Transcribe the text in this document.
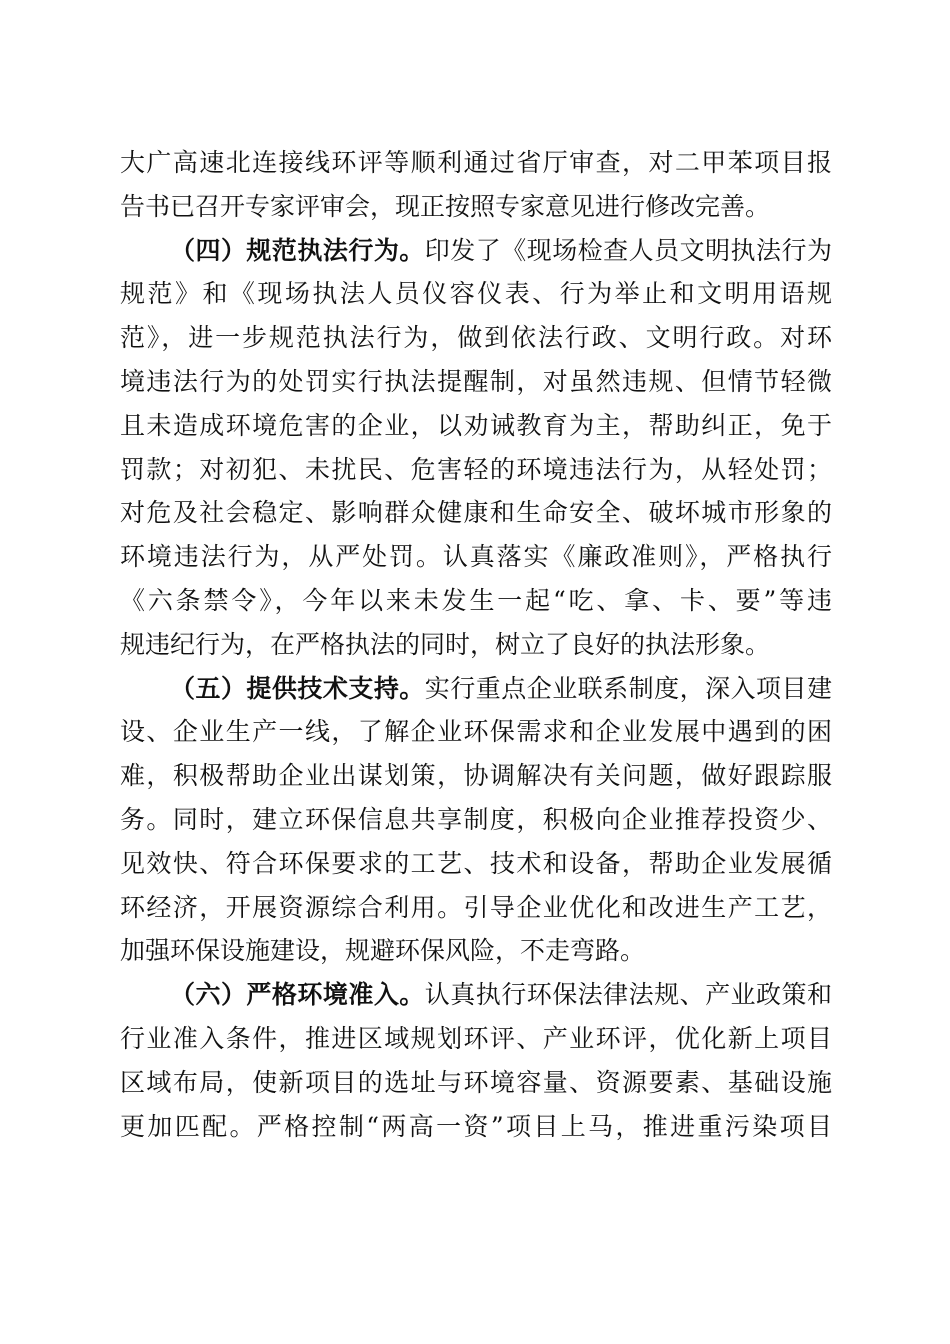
大广高速北连接线环评等顺利通过省厅审查，对二甲苯项目报
告书已召开专家评审会，现正按照专家意见进行修改完善。
（四）规范执法行为。印发了《现场检查人员文明执法行为
规范》和《现场执法人员仪容仪表、行为举止和文明用语规
范》，进一步规范执法行为，做到依法行政、文明行政。对环
境违法行为的处罚实行执法提醒制，对虽然违规、但情节轻微
且未造成环境危害的企业，以劝诫教育为主，帮助纠正，免于
罚款；对初犯、未扰民、危害轻的环境违法行为，从轻处罚；
对危及社会稳定、影响群众健康和生命安全、破坏城市形象的
环境违法行为，从严处罚。认真落实《廉政准则》，严格执行
《六条禁令》，今年以来未发生一起“吃、拿、卡、要”等违
规违纪行为，在严格执法的同时，树立了良好的执法形象。
（五）提供技术支持。实行重点企业联系制度，深入项目建
设、企业生产一线，了解企业环保需求和企业发展中遇到的困
难，积极帮助企业出谋划策，协调解决有关问题，做好跟踪服
务。同时，建立环保信息共享制度，积极向企业推荐投资少、
见效快、符合环保要求的工艺、技术和设备，帮助企业发展循
环经济，开展资源综合利用。引导企业优化和改进生产工艺，
加强环保设施建设，规避环保风险，不走弯路。
（六）严格环境准入。认真执行环保法律法规、产业政策和
行业准入条件，推进区域规划环评、产业环评，优化新上项目
区域布局，使新项目的选址与环境容量、资源要素、基础设施
更加匹配。严格控制“两高一资”项目上马，推进重污染项目
